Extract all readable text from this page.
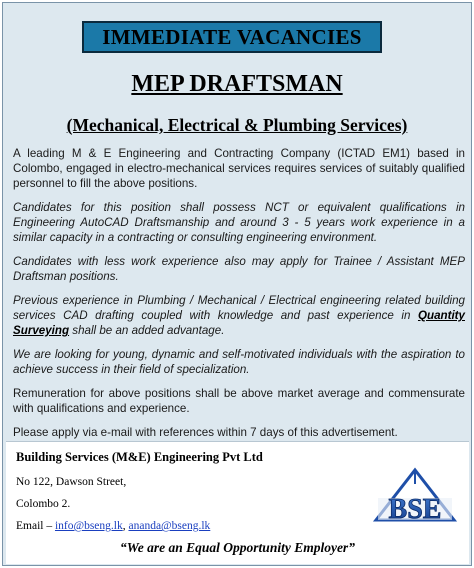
IMMEDIATE VACANCIES
MEP DRAFTSMAN
(Mechanical, Electrical & Plumbing Services)

A leading M & E Engineering and Contracting Company (ICTAD EM1) based in Colombo, engaged in electro-mechanical services requires services of suitably qualified personnel to fill the above positions.

Candidates for this position shall possess NCT or equivalent qualifications in Engineering AutoCAD Draftsmanship and around 3 - 5 years work experience in a similar capacity in a contracting or consulting engineering environment.

Candidates with less work experience also may apply for Trainee / Assistant MEP Draftsman positions.

Previous experience in Plumbing / Mechanical / Electrical engineering related building services CAD drafting coupled with knowledge and past experience in Quantity Surveying shall be an added advantage.

We are looking for young, dynamic and self-motivated individuals with the aspiration to achieve success in their field of specialization.

Remuneration for above positions shall be above market average and commensurate with qualifications and experience.

Please apply via e-mail with references within 7 days of this advertisement.

Building Services (M&E) Engineering Pvt Ltd
No 122, Dawson Street,
Colombo 2.
Email – info@bseng.lk, ananda@bseng.lk
“We are an Equal Opportunity Employer”
BSE
